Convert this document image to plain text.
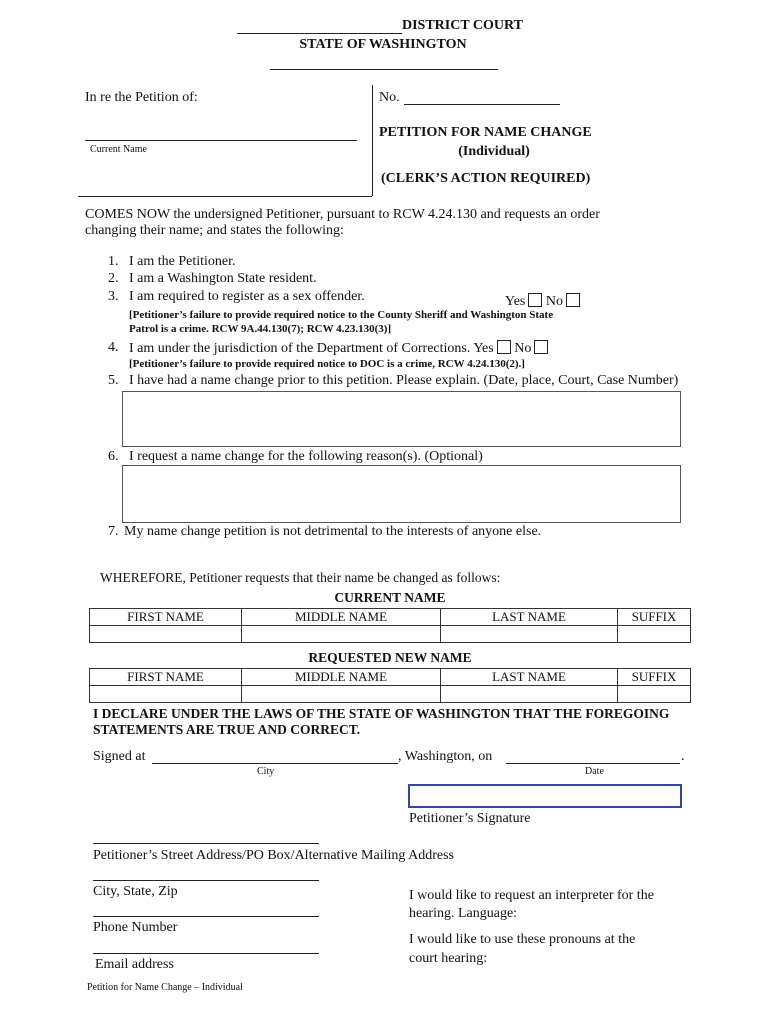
DISTRICT COURT
STATE OF WASHINGTON
In re the Petition of:
Current Name
No.
PETITION FOR NAME CHANGE
(Individual)
(CLERK’S ACTION REQUIRED)
COMES NOW the undersigned Petitioner, pursuant to RCW 4.24.130 and requests an order
changing their name; and states the following:
1. I am the Petitioner.
2. I am a Washington State resident.
3. I am required to register as a sex offender.	Yes No
[Petitioner’s failure to provide required notice to the County Sheriff and Washington State
Patrol is a crime. RCW 9A.44.130(7); RCW 4.23.130(3)]
4. I am under the jurisdiction of the Department of Corrections. Yes No
[Petitioner’s failure to provide required notice to DOC is a crime, RCW 4.24.130(2).]
5. I have had a name change prior to this petition. Please explain. (Date, place, Court, Case Number)
6. I request a name change for the following reason(s). (Optional)
7. My name change petition is not detrimental to the interests of anyone else.
WHEREFORE, Petitioner requests that their name be changed as follows:
CURRENT NAME
FIRST NAME	MIDDLE NAME	LAST NAME	SUFFIX

REQUESTED NEW NAME
FIRST NAME	MIDDLE NAME	LAST NAME	SUFFIX

I DECLARE UNDER THE LAWS OF THE STATE OF WASHINGTON THAT THE FOREGOING
STATEMENTS ARE TRUE AND CORRECT.
Signed at	, Washington, on	.
City	Date
Petitioner’s Signature
Petitioner’s Street Address/PO Box/Alternative Mailing Address
City, State, Zip
Phone Number
Email address
I would like to request an interpreter for the
hearing. Language:
I would like to use these pronouns at the
court hearing:
Petition for Name Change – Individual
